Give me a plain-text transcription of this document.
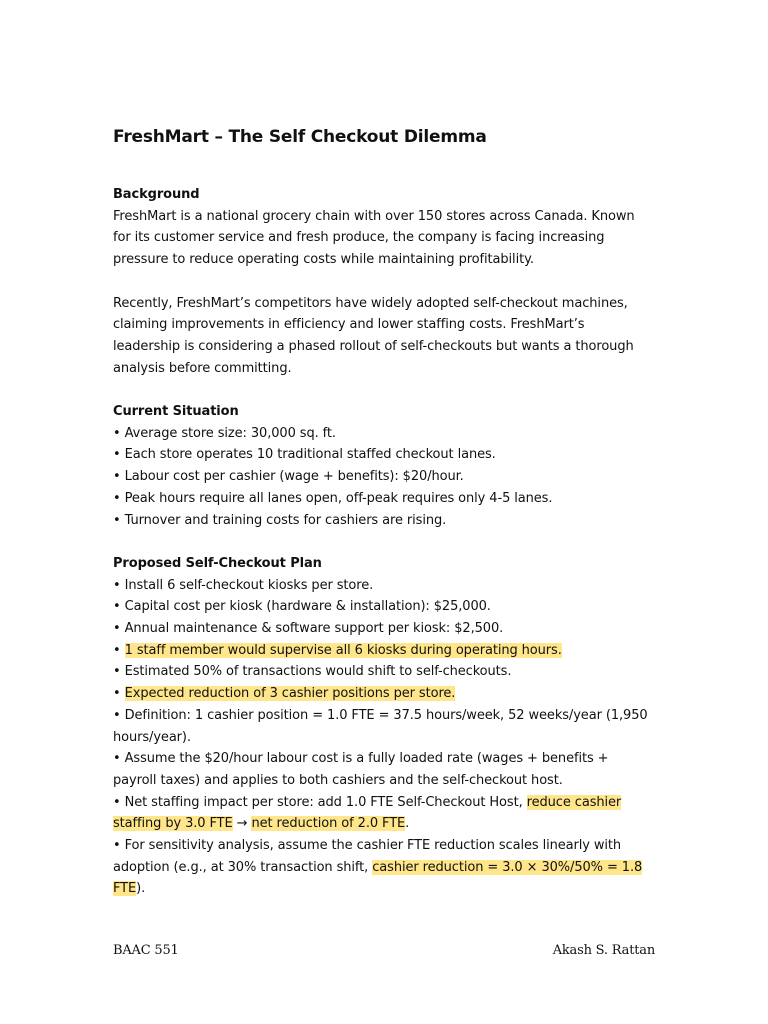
FreshMart – The Self Checkout Dilemma

Background

FreshMart is a national grocery chain with over 150 stores across Canada. Known for its customer service and fresh produce, the company is facing increasing pressure to reduce operating costs while maintaining profitability.

Recently, FreshMart’s competitors have widely adopted self-checkout machines, claiming improvements in efficiency and lower staffing costs. FreshMart’s leadership is considering a phased rollout of self-checkouts but wants a thorough analysis before committing.

Current Situation

• Average store size: 30,000 sq. ft.

• Each store operates 10 traditional staffed checkout lanes.

• Labour cost per cashier (wage + benefits): $20/hour.

• Peak hours require all lanes open, off-peak requires only 4-5 lanes.

• Turnover and training costs for cashiers are rising.

Proposed Self-Checkout Plan

• Install 6 self-checkout kiosks per store.

• Capital cost per kiosk (hardware & installation): $25,000.

• Annual maintenance & software support per kiosk: $2,500.

• 1 staff member would supervise all 6 kiosks during operating hours.

• Estimated 50% of transactions would shift to self-checkouts.

• Expected reduction of 3 cashier positions per store.

• Definition: 1 cashier position = 1.0 FTE = 37.5 hours/week, 52 weeks/year (1,950 hours/year).

• Assume the $20/hour labour cost is a fully loaded rate (wages + benefits + payroll taxes) and applies to both cashiers and the self-checkout host.

• Net staffing impact per store: add 1.0 FTE Self-Checkout Host, reduce cashier staffing by 3.0 FTE → net reduction of 2.0 FTE.

• For sensitivity analysis, assume the cashier FTE reduction scales linearly with adoption (e.g., at 30% transaction shift, cashier reduction = 3.0 × 30%/50% = 1.8 FTE).

BAAC 551	Akash S. Rattan
